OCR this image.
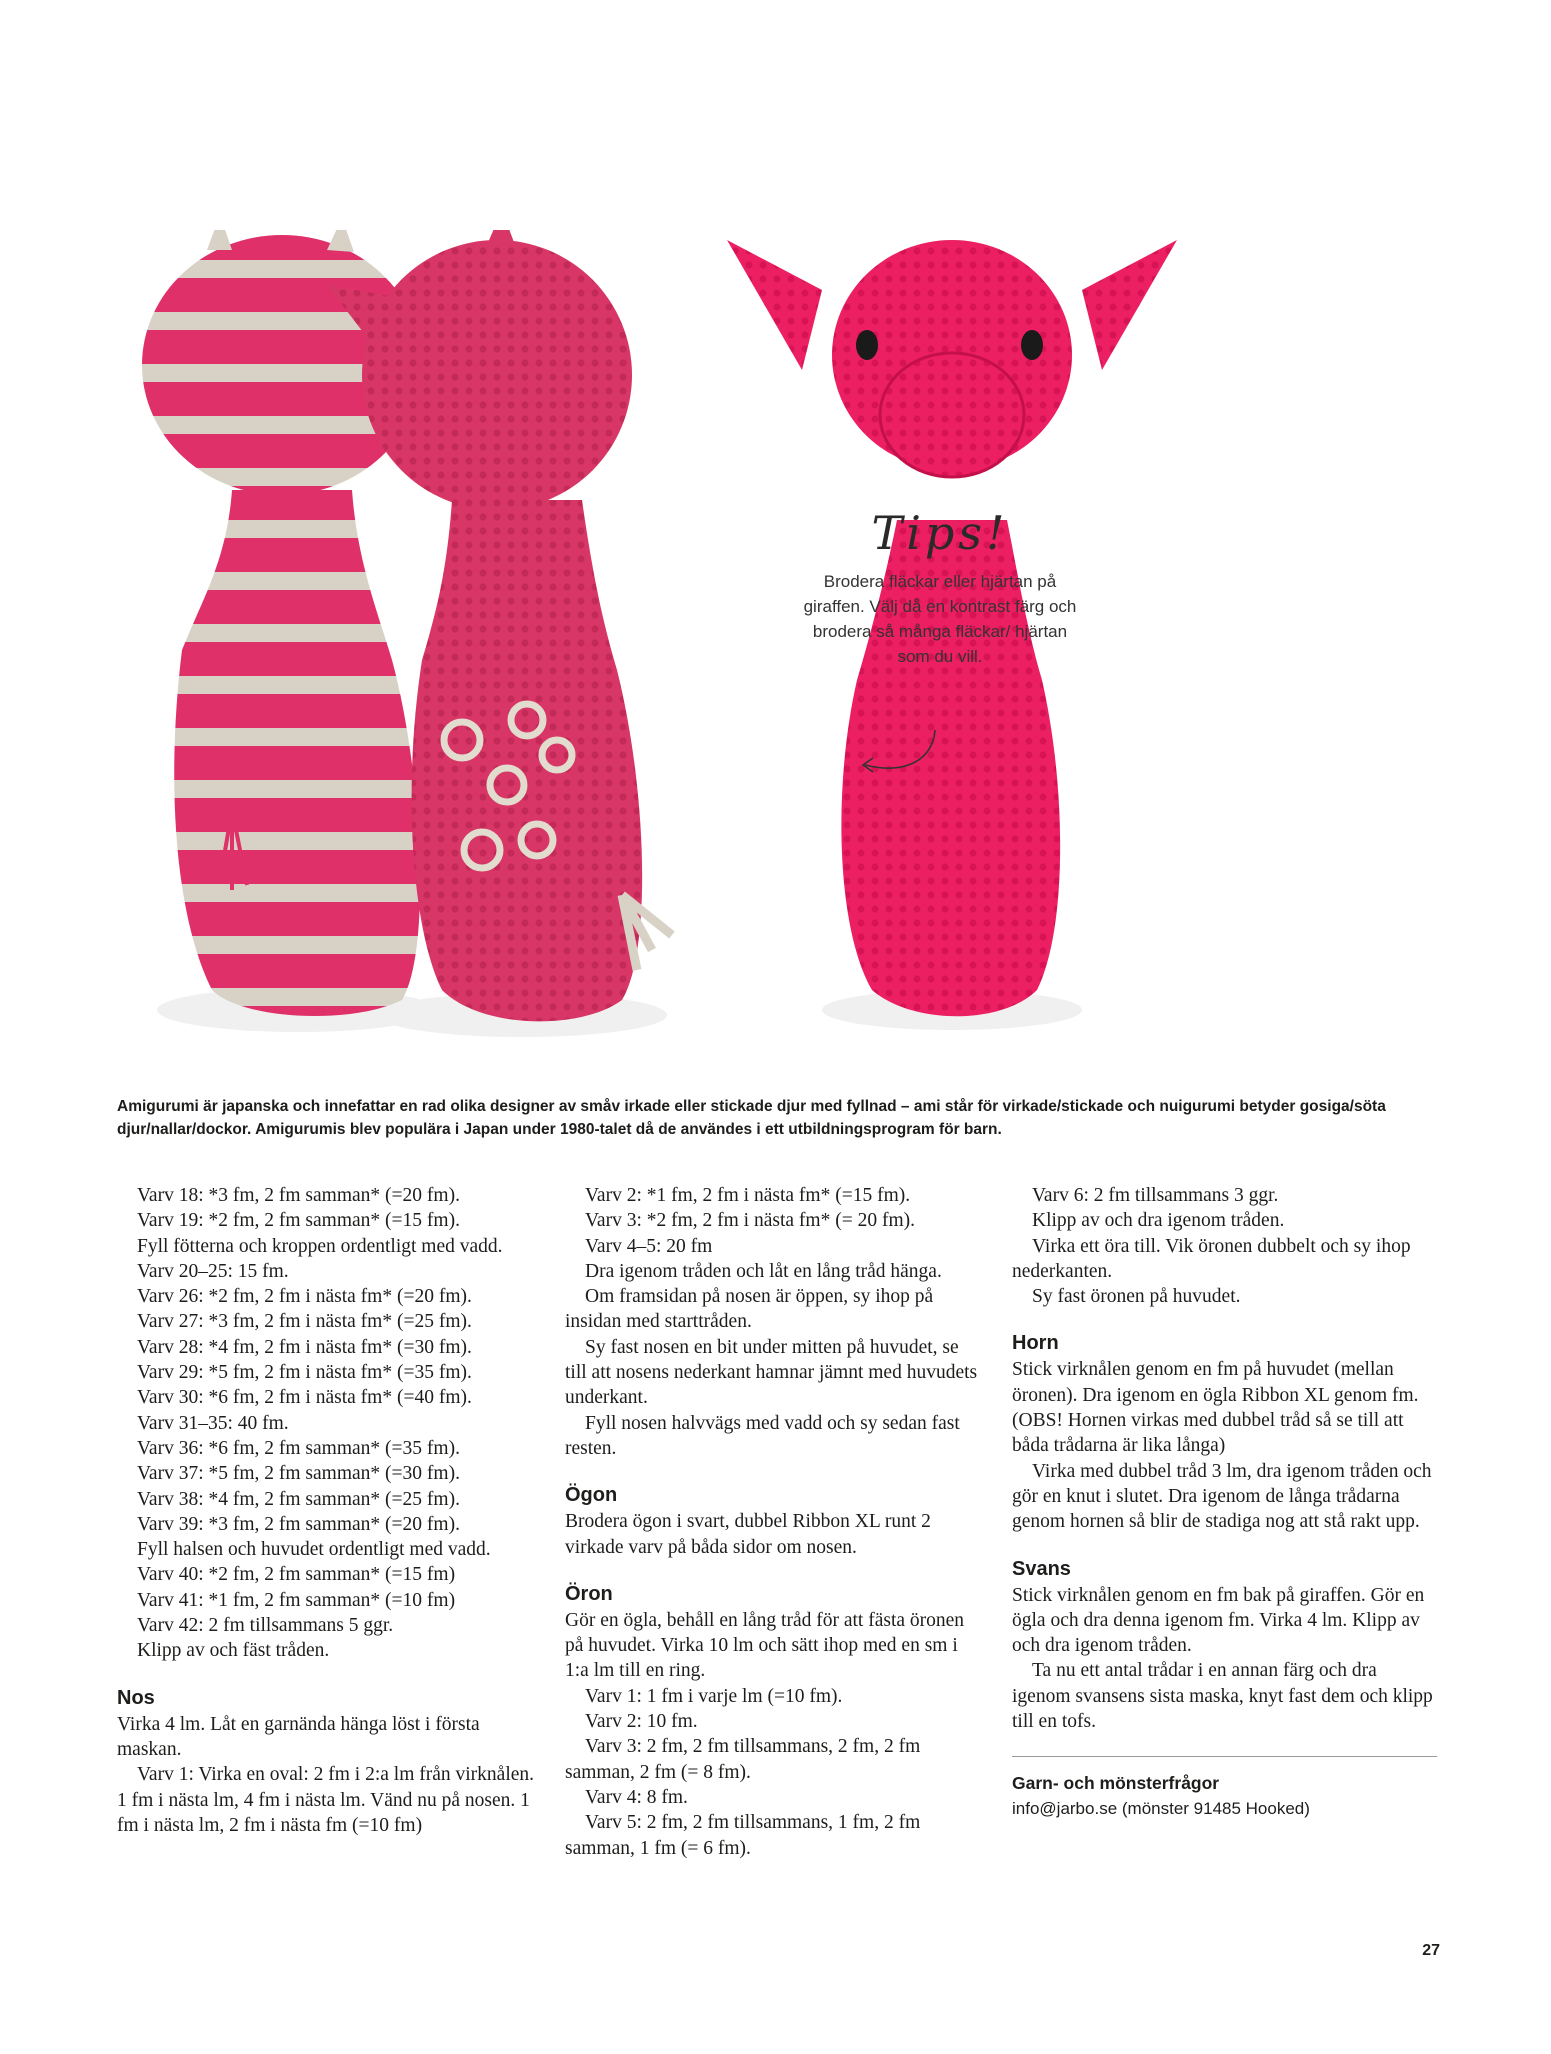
Tips!
Brodera fläckar eller hjärtan på giraffen. Välj då en kontrast färg och brodera så många fläckar/ hjärtan som du vill.
Amigurumi är japanska och innefattar en rad olika designer av småv irkade eller stickade djur med fyllnad – ami står för virkade/stickade och nuigurumi betyder gosiga/söta djur/nallar/dockor. Amigurumis blev populära i Japan under 1980-talet då de användes i ett utbildningsprogram för barn.

Varv 18: *3 fm, 2 fm samman* (=20 fm).

Varv 19: *2 fm, 2 fm samman* (=15 fm).

Fyll fötterna och kroppen ordentligt med vadd.

Varv 20–25: 15 fm.

Varv 26: *2 fm, 2 fm i nästa fm* (=20 fm).

Varv 27: *3 fm, 2 fm i nästa fm* (=25 fm).

Varv 28: *4 fm, 2 fm i nästa fm* (=30 fm).

Varv 29: *5 fm, 2 fm i nästa fm* (=35 fm).

Varv 30: *6 fm, 2 fm i nästa fm* (=40 fm).

Varv 31–35: 40 fm.

Varv 36: *6 fm, 2 fm samman* (=35 fm).

Varv 37: *5 fm, 2 fm samman* (=30 fm).

Varv 38: *4 fm, 2 fm samman* (=25 fm).

Varv 39: *3 fm, 2 fm samman* (=20 fm).

Fyll halsen och huvudet ordentligt med vadd.

Varv 40: *2 fm, 2 fm samman* (=15 fm)

Varv 41: *1 fm, 2 fm samman* (=10 fm)

Varv 42: 2 fm tillsammans 5 ggr.

Klipp av och fäst tråden.

Nos

Virka 4 lm. Låt en garnända hänga löst i första maskan.

Varv 1: Virka en oval: 2 fm i 2:a lm från virknålen. 1 fm i nästa lm, 4 fm i nästa lm. Vänd nu på nosen. 1 fm i nästa lm, 2 fm i nästa fm (=10 fm)

Varv 2: *1 fm, 2 fm i nästa fm* (=15 fm).

Varv 3: *2 fm, 2 fm i nästa fm* (= 20 fm).

Varv 4–5: 20 fm

Dra igenom tråden och låt en lång tråd hänga.

Om framsidan på nosen är öppen, sy ihop på insidan med starttråden.

Sy fast nosen en bit under mitten på huvudet, se till att nosens nederkant hamnar jämnt med huvudets underkant.

Fyll nosen halvvägs med vadd och sy sedan fast resten.

Ögon

Brodera ögon i svart, dubbel Ribbon XL runt 2 virkade varv på båda sidor om nosen.

Öron

Gör en ögla, behåll en lång tråd för att fästa öronen på huvudet. Virka 10 lm och sätt ihop med en sm i 1:a lm till en ring.

Varv 1: 1 fm i varje lm (=10 fm).

Varv 2: 10 fm.

Varv 3: 2 fm, 2 fm tillsammans, 2 fm, 2 fm samman, 2 fm (= 8 fm).

Varv 4: 8 fm.

Varv 5: 2 fm, 2 fm tillsammans, 1 fm, 2 fm samman, 1 fm (= 6 fm).

Varv 6: 2 fm tillsammans 3 ggr.

Klipp av och dra igenom tråden.

Virka ett öra till. Vik öronen dubbelt och sy ihop nederkanten.

Sy fast öronen på huvudet.

Horn

Stick virknålen genom en fm på huvudet (mellan öronen). Dra igenom en ögla Ribbon XL genom fm. (OBS! Hornen virkas med dubbel tråd så se till att båda trådarna är lika långa)

Virka med dubbel tråd 3 lm, dra igenom tråden och gör en knut i slutet. Dra igenom de långa trådarna genom hornen så blir de stadiga nog att stå rakt upp.

Svans

Stick virknålen genom en fm bak på giraffen. Gör en ögla och dra denna igenom fm. Virka 4 lm. Klipp av och dra igenom tråden.

Ta nu ett antal trådar i en annan färg och dra igenom svansens sista maska, knyt fast dem och klipp till en tofs.

Garn- och mönsterfrågor

info@jarbo.se (mönster 91485 Hooked)

27
